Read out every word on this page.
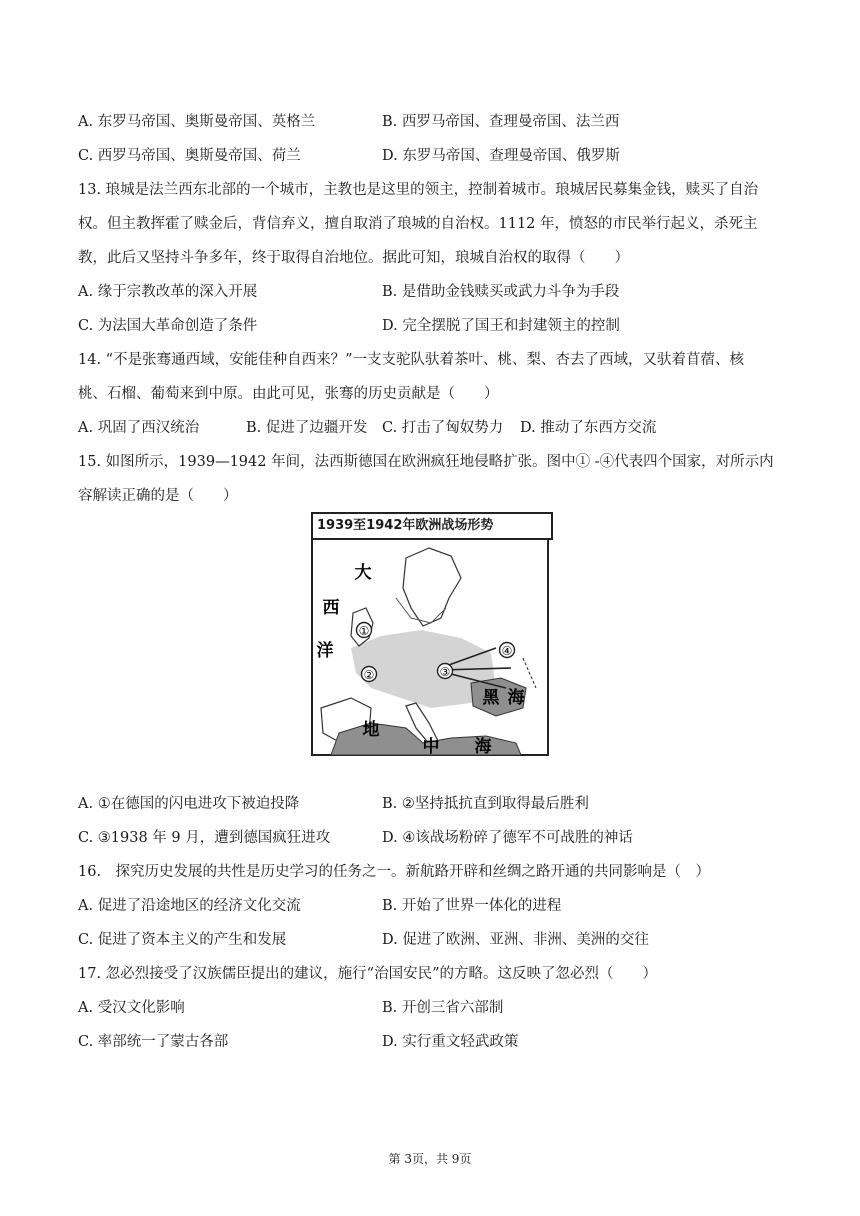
A. 东罗马帝国、奥斯曼帝国、英格兰	B. 西罗马帝国、查理曼帝国、法兰西
C. 西罗马帝国、奥斯曼帝国、荷兰	D. 东罗马帝国、查理曼帝国、俄罗斯
13. 琅城是法兰西东北部的一个城市，主教也是这里的领主，控制着城市。琅城居民募集金钱，赎买了自治
权。但主教挥霍了赎金后，背信弃义，擅自取消了琅城的自治权。1112 年，愤怒的市民举行起义，杀死主
教，此后又坚持斗争多年，终于取得自治地位。据此可知，琅城自治权的取得（　　）
A. 缘于宗教改革的深入开展	B. 是借助金钱赎买或武力斗争为手段
C. 为法国大革命创造了条件	D. 完全摆脱了国王和封建领主的控制
14. “不是张骞通西域，安能佳种自西来？”一支支驼队驮着茶叶、桃、梨、杏去了西域，又驮着苜蓿、核
桃、石榴、葡萄来到中原。由此可见，张骞的历史贡献是（　　）
A. 巩固了西汉统治	B. 促进了边疆开发 C. 打击了匈奴势力 D. 推动了东西方交流
15. 如图所示，1939—1942 年间，法西斯德国在欧洲疯狂地侵略扩张。图中① -④代表四个国家，对所示内
容解读正确的是（　　）
1939至1942年欧洲战场形势
①
②	③
④
大
西
洋
黑 海
地
中 海
A. ①在德国的闪电进攻下被迫投降	B. ②坚持抵抗直到取得最后胜利
C. ③1938 年 9 月，遭到德国疯狂进攻	D. ④该战场粉碎了德军不可战胜的神话
16.　探究历史发展的共性是历史学习的任务之一。新航路开辟和丝绸之路开通的共同影响是（　）
A. 促进了沿途地区的经济文化交流	B. 开始了世界一体化的进程
C. 促进了资本主义的产生和发展	D. 促进了欧洲、亚洲、非洲、美洲的交往
17. 忽必烈接受了汉族儒臣提出的建议，施行“治国安民”的方略。这反映了忽必烈（　　）
A. 受汉文化影响	B. 开创三省六部制
C. 率部统一了蒙古各部	D. 实行重文轻武政策
第 3页，共 9页
